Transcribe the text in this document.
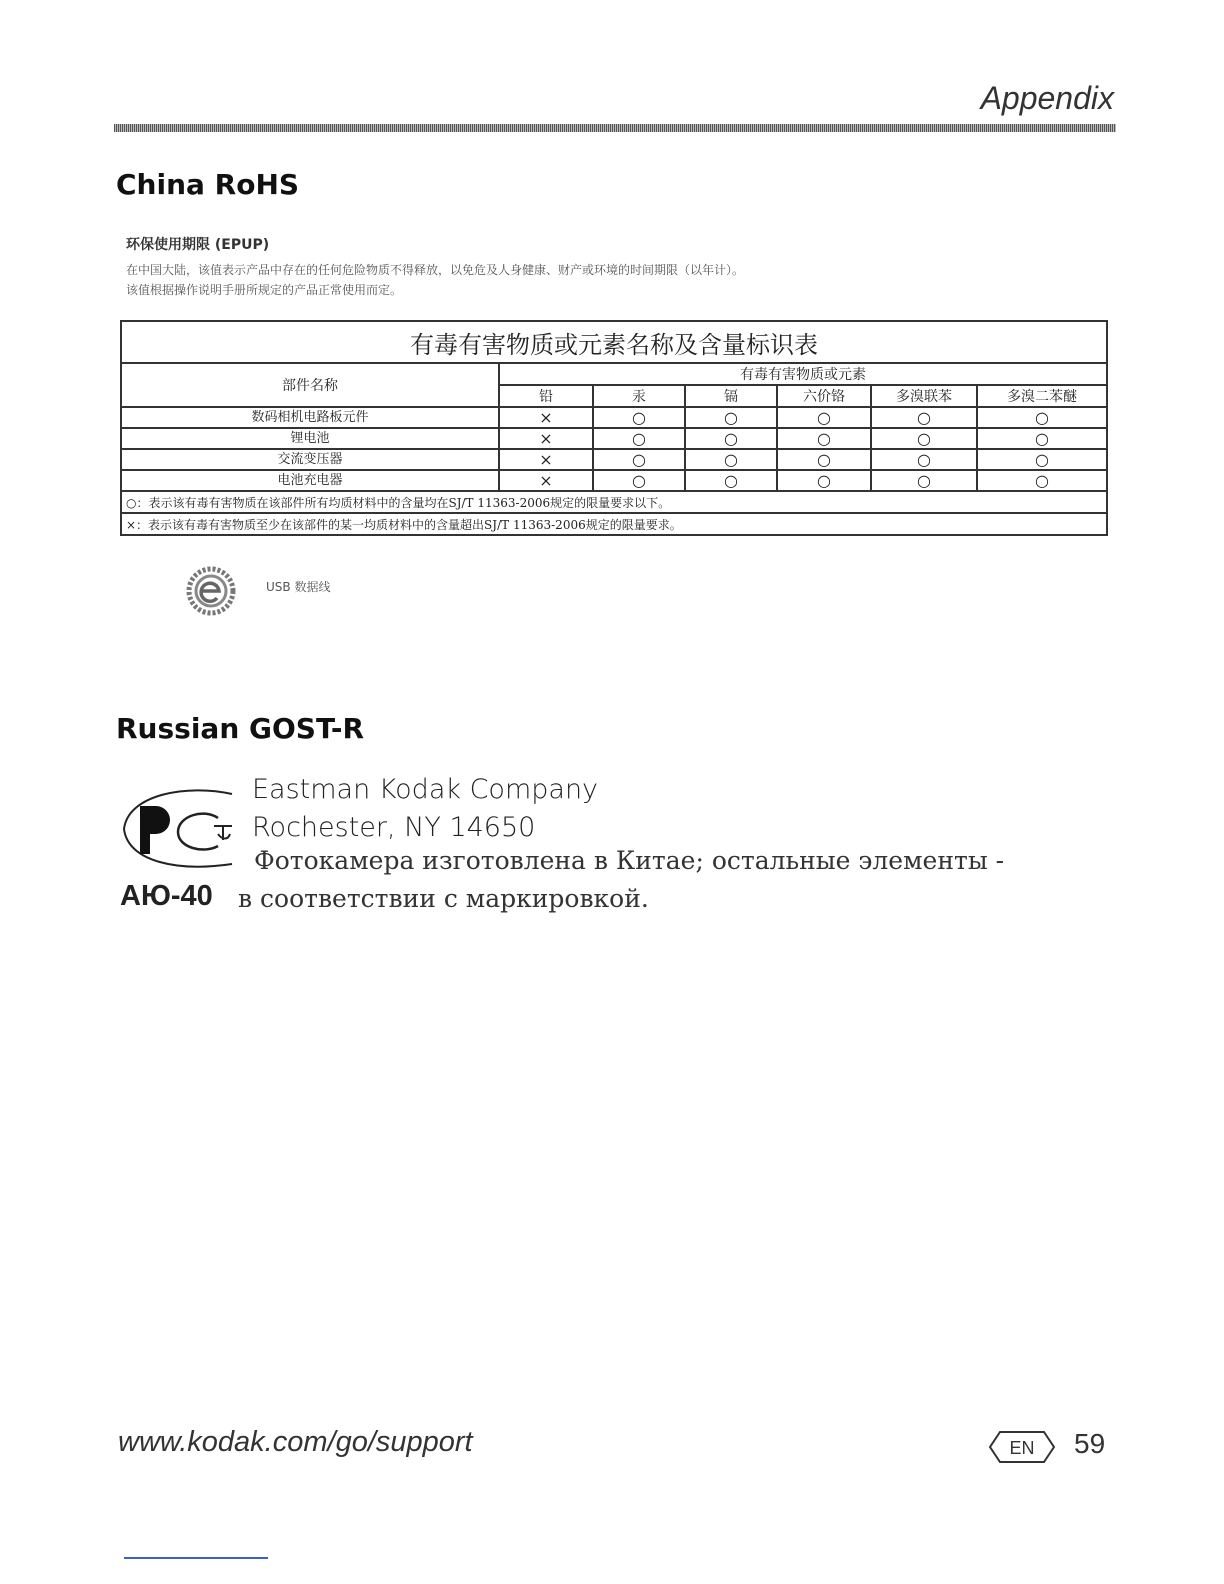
Appendix
China RoHS
环保使用期限 (EPUP)
在中国大陆，该值表示产品中存在的任何危险物质不得释放，以免危及人身健康、财产或环境的时间期限（以年计）。
该值根据操作说明手册所规定的产品正常使用而定。
有毒有害物质或元素名称及含量标识表						
部件名称	有毒有害物质或元素					
	铅	汞	镉	六价铬	多溴联苯	多溴二苯醚
数码相机电路板元件	×	○	○	○	○	○
锂电池	×	○	○	○	○	○
交流变压器	×	○	○	○	○	○
电池充电器	×	○	○	○	○	○
○：表示该有毒有害物质在该部件所有均质材料中的含量均在SJ/T 11363-2006规定的限量要求以下。						
×：表示该有毒有害物质至少在该部件的某一均质材料中的含量超出SJ/T 11363-2006规定的限量要求。						
USB 数据线
Russian GOST-R
Eastman Kodak Company
Rochester, NY 14650
Фотокамера изготовлена в Китае; остальные элементы -
АЮ-40 в соответствии с маркировкой.
www.kodak.com/go/support	EN 59
